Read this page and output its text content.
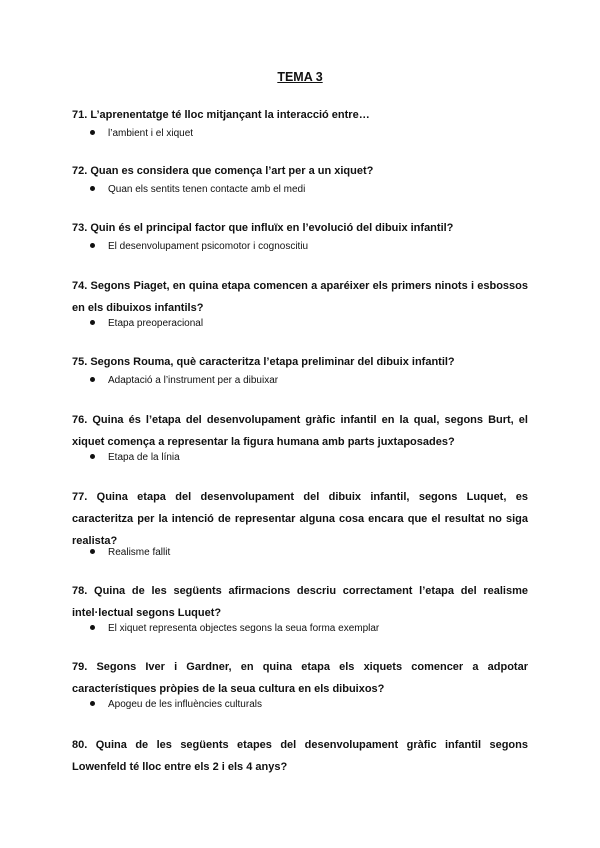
TEMA 3
71. L’aprenentatge té lloc mitjançant la interacció entre…
l’ambient i el xiquet
72. Quan es considera que comença l’art per a un xiquet?
Quan els sentits tenen contacte amb el medi
73. Quin és el principal factor que influïx en l’evolució del dibuix infantil?
El desenvolupament psicomotor i cognoscitiu
74. Segons Piaget, en quina etapa comencen a aparéixer els primers ninots i esbossos en els dibuixos infantils?
Etapa preoperacional
75. Segons Rouma, què caracteritza l’etapa preliminar del dibuix infantil?
Adaptació a l’instrument per a dibuixar
76. Quina és l’etapa del desenvolupament gràfic infantil en la qual, segons Burt, el xiquet comença a representar la figura humana amb parts juxtaposades?
Etapa de la línia
77. Quina etapa del desenvolupament del dibuix infantil, segons Luquet, es caracteritza per la intenció de representar alguna cosa encara que el resultat no siga realista?
Realisme fallit
78. Quina de les següents afirmacions descriu correctament l’etapa del realisme intel·lectual segons Luquet?
El xiquet representa objectes segons la seua forma exemplar
79. Segons Iver i Gardner, en quina etapa els xiquets comencer a adpotar característiques pròpies de la seua cultura en els dibuixos?
Apogeu de les influències culturals
80. Quina de les següents etapes del desenvolupament gràfic infantil segons Lowenfeld té lloc entre els 2 i els 4 anys?
